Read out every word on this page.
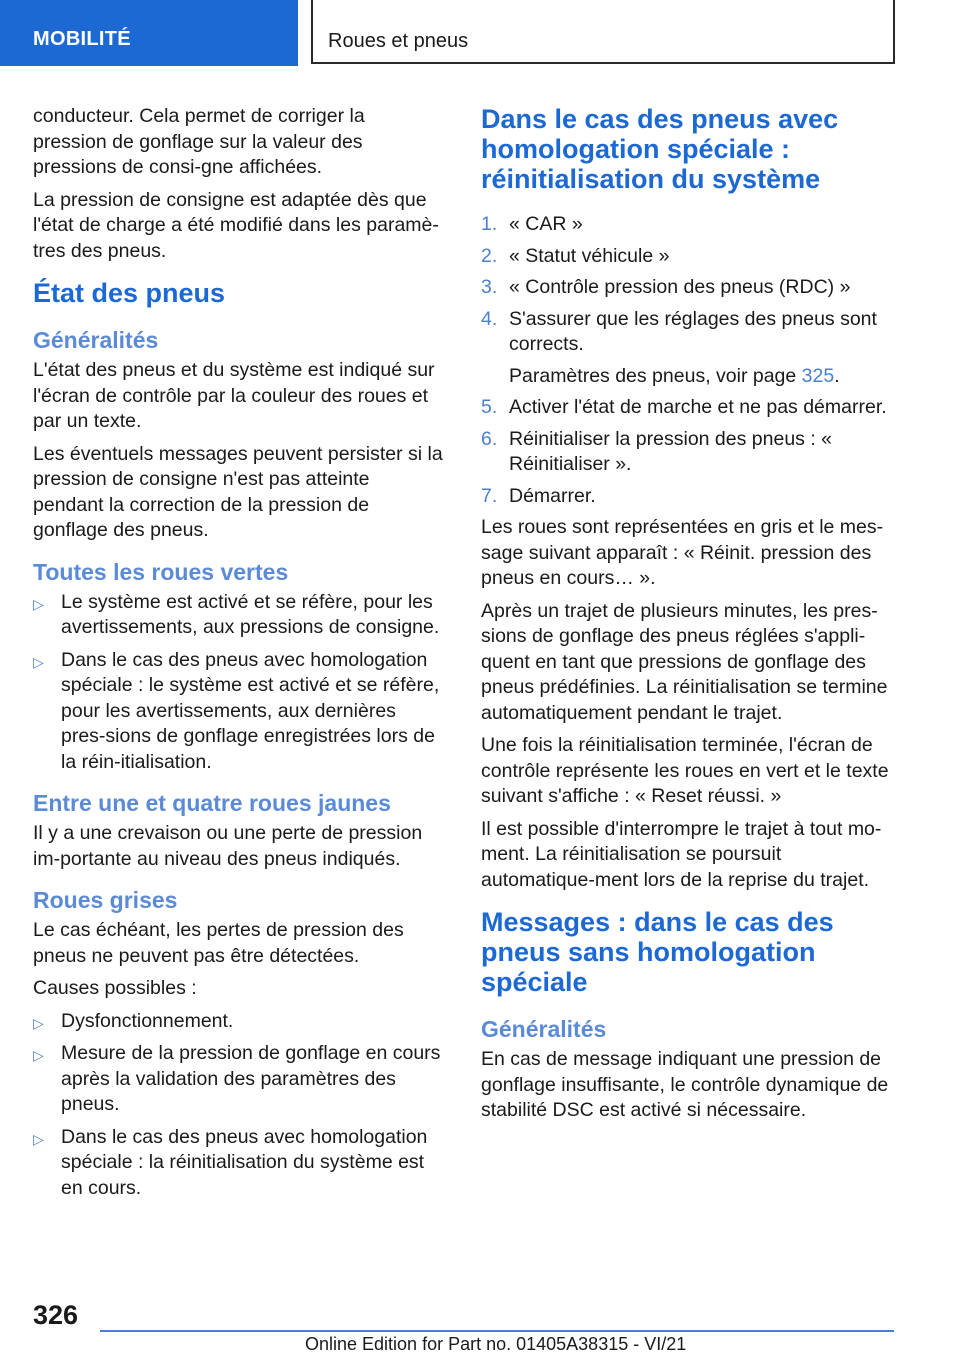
MOBILITÉ	Roues et pneus

conducteur. Cela permet de corriger la pression de gonflage sur la valeur des pressions de consi-gne affichées.

La pression de consigne est adaptée dès que l'état de charge a été modifié dans les paramè-tres des pneus.

État des pneus
Généralités

L'état des pneus et du système est indiqué sur l'écran de contrôle par la couleur des roues et par un texte.

Les éventuels messages peuvent persister si la pression de consigne n'est pas atteinte pendant la correction de la pression de gonflage des pneus.

Toutes les roues vertes
▷ Le système est activé et se réfère, pour les avertissements, aux pressions de consigne.
▷ Dans le cas des pneus avec homologation spéciale : le système est activé et se réfère, pour les avertissements, aux dernières pres-sions de gonflage enregistrées lors de la réin-itialisation.
Entre une et quatre roues jaunes

Il y a une crevaison ou une perte de pression im-portante au niveau des pneus indiqués.

Roues grises

Le cas échéant, les pertes de pression des pneus ne peuvent pas être détectées.

Causes possibles :

▷ Dysfonctionnement.
▷ Mesure de la pression de gonflage en cours après la validation des paramètres des pneus.
▷ Dans le cas des pneus avec homologation spéciale : la réinitialisation du système est en cours.
Dans le cas des pneus avec homologation spéciale : réinitialisation du système
1. « CAR »
2. « Statut véhicule »
3. « Contrôle pression des pneus (RDC) »
4. S'assurer que les réglages des pneus sont corrects.
Paramètres des pneus, voir page 325.
5. Activer l'état de marche et ne pas démarrer.
6. Réinitialiser la pression des pneus : « Réinitialiser ».
7. Démarrer.

Les roues sont représentées en gris et le mes-sage suivant apparaît : « Réinit. pression des pneus en cours… ».

Après un trajet de plusieurs minutes, les pres-sions de gonflage des pneus réglées s'appli-quent en tant que pressions de gonflage des pneus prédéfinies. La réinitialisation se termine automatiquement pendant le trajet.

Une fois la réinitialisation terminée, l'écran de contrôle représente les roues en vert et le texte suivant s'affiche : « Reset réussi. »

Il est possible d'interrompre le trajet à tout mo-ment. La réinitialisation se poursuit automatique-ment lors de la reprise du trajet.

Messages : dans le cas des pneus sans homologation spéciale
Généralités

En cas de message indiquant une pression de gonflage insuffisante, le contrôle dynamique de stabilité DSC est activé si nécessaire.

326
Online Edition for Part no. 01405A38315 - VI/21
